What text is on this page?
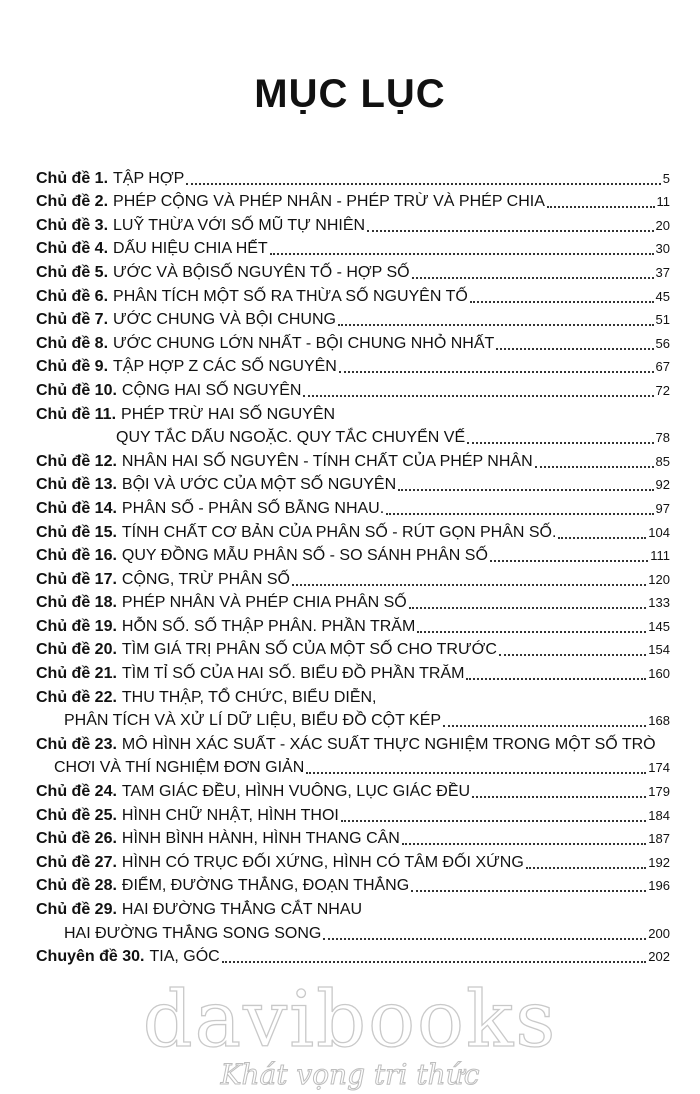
MỤC LỤC
Chủ đề 1. TẬP HỢP	5
Chủ đề 2. PHÉP CỘNG VÀ PHÉP NHÂN - PHÉP TRỪ VÀ PHÉP CHIA	11
Chủ đề 3. LUỸ THỪA VỚI SỐ MŨ TỰ NHIÊN	20
Chủ đề 4. DẤU HIỆU CHIA HẾT	30
Chủ đề 5. ƯỚC VÀ BỘISỐ NGUYÊN TỐ - HỢP SỐ	37
Chủ đề 6. PHÂN TÍCH MỘT SỐ RA THỪA SỐ NGUYÊN TỐ	45
Chủ đề 7. ƯỚC CHUNG VÀ BỘI CHUNG	51
Chủ đề 8. ƯỚC CHUNG LỚN NHẤT - BỘI CHUNG NHỎ NHẤT	56
Chủ đề 9. TẬP HỢP Z CÁC SỐ NGUYÊN	67
Chủ đề 10. CỘNG HAI SỐ NGUYÊN	72
Chủ đề 11. PHÉP TRỪ HAI SỐ NGUYÊN
QUY TẮC DẤU NGOẶC. QUY TẮC CHUYỂN VẾ	78
Chủ đề 12. NHÂN HAI SỐ NGUYÊN - TÍNH CHẤT CỦA PHÉP NHÂN	85
Chủ đề 13. BỘI VÀ ƯỚC CỦA MỘT SỐ NGUYÊN	92
Chủ đề 14. PHÂN SỐ - PHÂN SỐ BẰNG NHAU.	97
Chủ đề 15. TÍNH CHẤT CƠ BẢN CỦA PHÂN SỐ - RÚT GỌN PHÂN SỐ.	104
Chủ đề 16. QUY ĐỒNG MẪU PHÂN SỐ - SO SÁNH PHÂN SỐ	111
Chủ đề 17. CỘNG, TRỪ PHÂN SỐ	120
Chủ đề 18. PHÉP NHÂN VÀ PHÉP CHIA PHÂN SỐ	133
Chủ đề 19. HỖN SỐ. SỐ THẬP PHÂN. PHẦN TRĂM	145
Chủ đề 20. TÌM GIÁ TRỊ PHÂN SỐ CỦA MỘT SỐ CHO TRƯỚC	154
Chủ đề 21. TÌM TỈ SỐ CỦA HAI SỐ. BIỂU ĐỒ PHẦN TRĂM	160
Chủ đề 22. THU THẬP, TỔ CHỨC, BIỂU DIỄN,
PHÂN TÍCH VÀ XỬ LÍ DỮ LIỆU, BIỂU ĐỒ CỘT KÉP	168
Chủ đề 23. MÔ HÌNH XÁC SUẤT - XÁC SUẤT THỰC NGHIỆM TRONG MỘT SỐ TRÒ
CHƠI VÀ THÍ NGHIỆM ĐƠN GIẢN	174
Chủ đề 24. TAM GIÁC ĐỀU, HÌNH VUÔNG, LỤC GIÁC ĐỀU	179
Chủ đề 25. HÌNH CHỮ NHẬT, HÌNH THOI	184
Chủ đề 26. HÌNH BÌNH HÀNH, HÌNH THANG CÂN	187
Chủ đề 27. HÌNH CÓ TRỤC ĐỐI XỨNG, HÌNH CÓ TÂM ĐỐI XỨNG	192
Chủ đề 28. ĐIỂM, ĐƯỜNG THẲNG, ĐOẠN THẲNG	196
Chủ đề 29. HAI ĐƯỜNG THẲNG CẮT NHAU
HAI ĐƯỜNG THẲNG SONG SONG	200
Chuyên đề 30. TIA, GÓC	202
davibooks
Khát vọng tri thức
